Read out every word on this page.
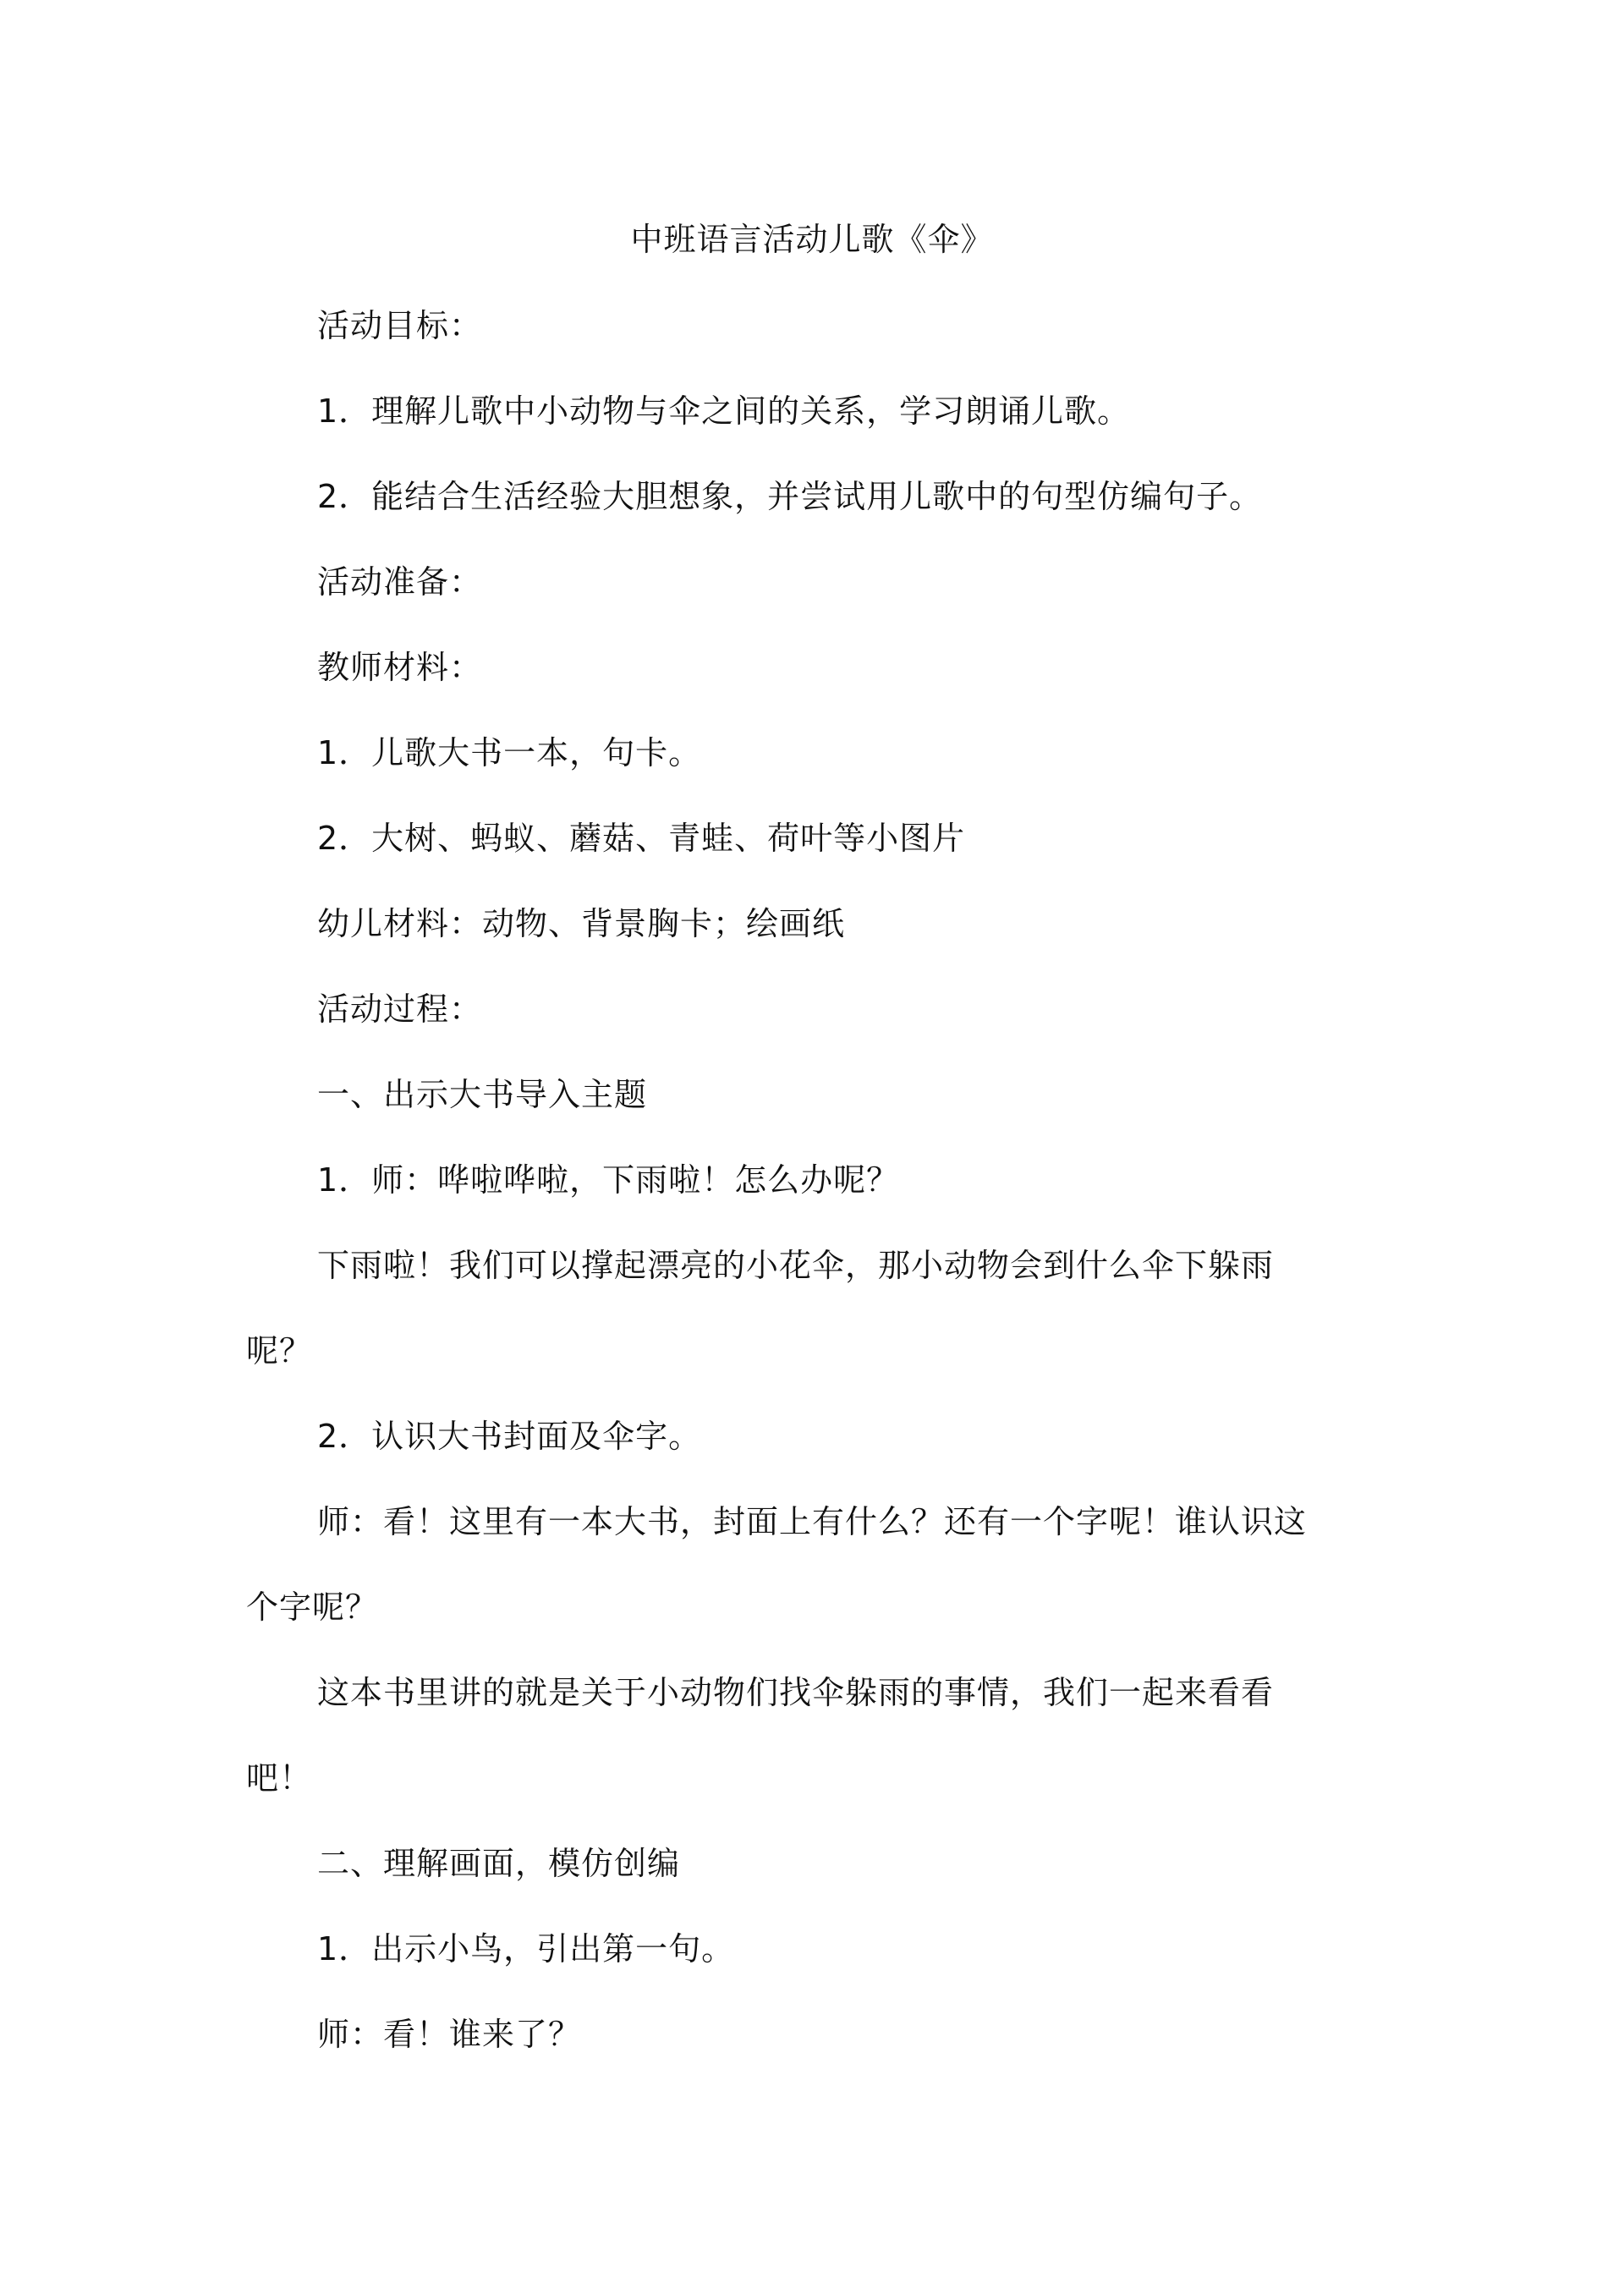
中班语言活动儿歌《伞》
活动目标：
1．理解儿歌中小动物与伞之间的关系，学习朗诵儿歌。
2．能结合生活经验大胆想象，并尝试用儿歌中的句型仿编句子。
活动准备：
教师材料：
1．儿歌大书一本，句卡。
2．大树、蚂蚁、蘑菇、青蛙、荷叶等小图片
幼儿材料：动物、背景胸卡；绘画纸
活动过程：
一、出示大书导入主题
1．师：哗啦哗啦，下雨啦！怎么办呢？
下雨啦！我们可以撑起漂亮的小花伞，那小动物会到什么伞下躲雨
呢？
2．认识大书封面及伞字。
师：看！这里有一本大书，封面上有什么？还有一个字呢！谁认识这
个字呢？
这本书里讲的就是关于小动物们找伞躲雨的事情，我们一起来看看
吧！
二、理解画面，模仿创编
1．出示小鸟，引出第一句。
师：看！谁来了？
